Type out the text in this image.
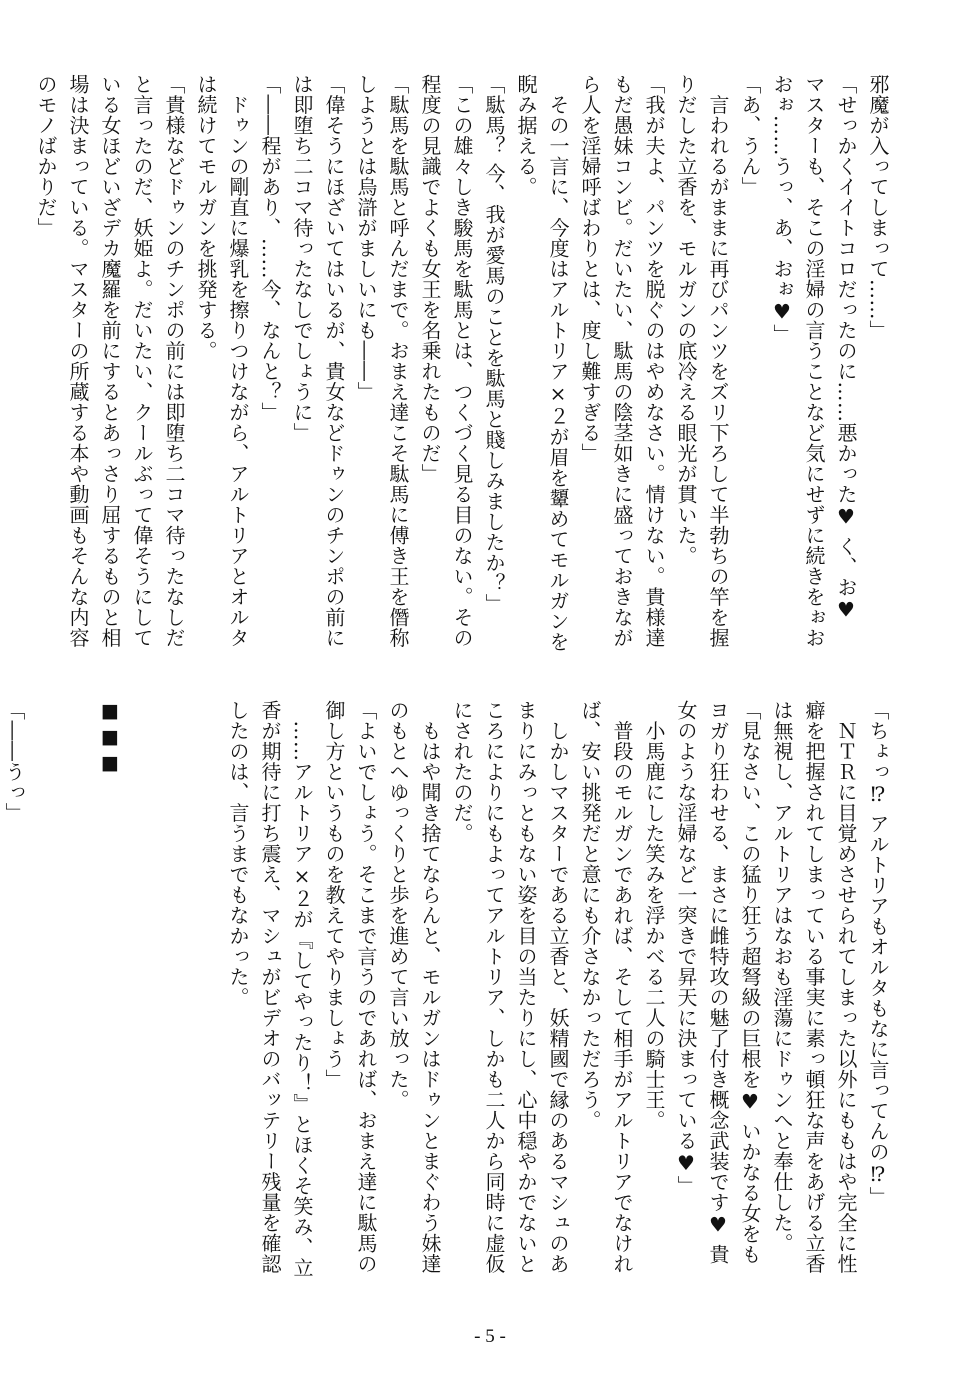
邪魔が入ってしまって……」
「せっかくイイトコロだったのに……悪かった♥ く、お♥
マスターも、そこの淫婦の言うことなど気にせずに続きをぉお
おぉ……うっ、あ、おぉ♥」
「あ、うん」
言われるがままに再びパンツをズリ下ろして半勃ちの竿を握
りだした立香を、モルガンの底冷える眼光が貫いた。
「我が夫よ、パンツを脱ぐのはやめなさい。情けない。貴様達
もだ愚妹コンビ。だいたい、駄馬の陰茎如きに盛っておきなが
ら人を淫婦呼ばわりとは、度し難すぎる」
その一言に、今度はアルトリア×２が眉を顰めてモルガンを
睨み据える。
「駄馬？ 今、我が愛馬のことを駄馬と賤しみましたか？」
「この雄々しき駿馬を駄馬とは、つくづく見る目のない。その
程度の見識でよくも女王を名乗れたものだ」
「駄馬を駄馬と呼んだまで。おまえ達こそ駄馬に傅き王を僭称
しようとは烏滸がましいにも――」
「偉そうにほざいてはいるが、貴女などドゥンのチンポの前に
は即堕ち二コマ待ったなしでしょうに」
「――程があり、……今、なんと？」
ドゥンの剛直に爆乳を擦りつけながら、アルトリアとオルタ
は続けてモルガンを挑発する。
「貴様などドゥンのチンポの前には即堕ち二コマ待ったなしだ
と言ったのだ、妖姫よ。だいたい、クールぶって偉そうにして
いる女ほどいざデカ魔羅を前にするとあっさり屈するものと相
場は決まっている。マスターの所蔵する本や動画もそんな内容
のモノばかりだ」
「ちょっ⁉ アルトリアもオルタもなに言ってんの⁉」
ＮＴＲに目覚めさせられてしまった以外にももはや完全に性
癖を把握されてしまっている事実に素っ頓狂な声をあげる立香
は無視し、アルトリアはなおも淫蕩にドゥンへと奉仕した。
「見なさい、この猛り狂う超弩級の巨根を♥ いかなる女をも
ヨガり狂わせる、まさに雌特攻の魅了付き概念武装です♥ 貴
女のような淫婦など一突きで昇天に決まっている♥」
小馬鹿にした笑みを浮かべる二人の騎士王。
普段のモルガンであれば、そして相手がアルトリアでなけれ
ば、安い挑発だと意にも介さなかっただろう。
しかしマスターである立香と、妖精國で縁のあるマシュのあ
まりにみっともない姿を目の当たりにし、心中穏やかでないと
ころによりにもよってアルトリア、しかも二人から同時に虚仮
にされたのだ。
もはや聞き捨てならんと、モルガンはドゥンとまぐわう妹達
のもとへゆっくりと歩を進めて言い放った。
「よいでしょう。そこまで言うのであれば、おまえ達に駄馬の
御し方というものを教えてやりましょう」
……アルトリア×２が『してやったり！』とほくそ笑み、立
香が期待に打ち震え、マシュがビデオのバッテリー残量を確認
したのは、言うまでもなかった。
■■■
「――うっ」
- 5 -
